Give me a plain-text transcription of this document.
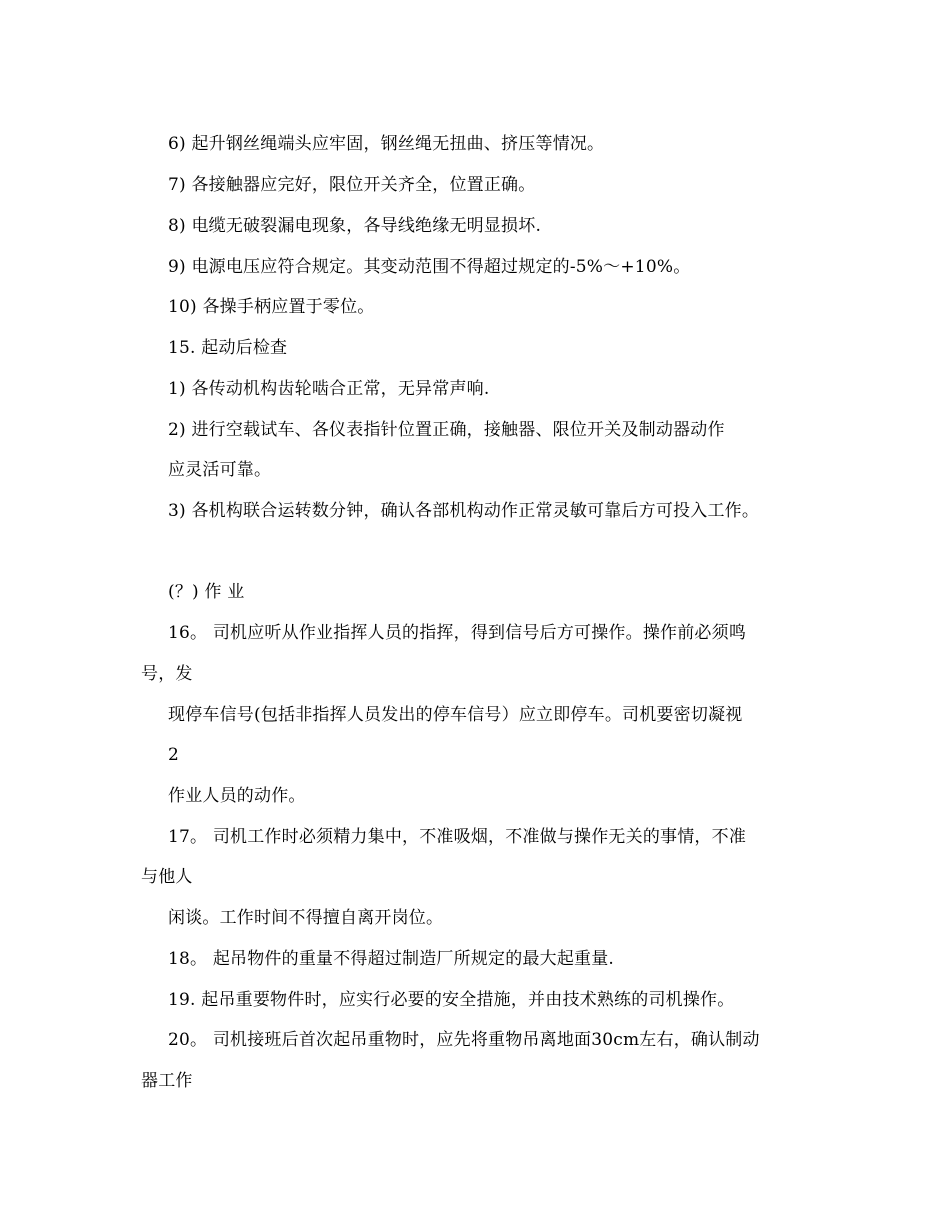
6) 起升钢丝绳端头应牢固，钢丝绳无扭曲、挤压等情况。
7) 各接触器应完好，限位开关齐全，位置正确。
8) 电缆无破裂漏电现象，各导线绝缘无明显损坏.
9) 电源电压应符合规定。其变动范围不得超过规定的-5%～+10%。
10) 各操手柄应置于零位。
15. 起动后检查
1) 各传动机构齿轮啮合正常，无异常声响.
2) 进行空载试车、各仪表指针位置正确，接触器、限位开关及制动器动作
应灵活可靠。
3) 各机构联合运转数分钟，确认各部机构动作正常灵敏可靠后方可投入工作。
(？) 作 业
16。 司机应听从作业指挥人员的指挥，得到信号后方可操作。操作前必须鸣
号，发
现停车信号(包括非指挥人员发出的停车信号）应立即停车。司机要密切凝视
2
作业人员的动作。
17。 司机工作时必须精力集中，不准吸烟，不准做与操作无关的事情，不准
与他人
闲谈。工作时间不得擅自离开岗位。
18。 起吊物件的重量不得超过制造厂所规定的最大起重量.
19. 起吊重要物件时，应实行必要的安全措施，并由技术熟练的司机操作。
20。 司机接班后首次起吊重物时，应先将重物吊离地面30cm左右，确认制动
器工作
